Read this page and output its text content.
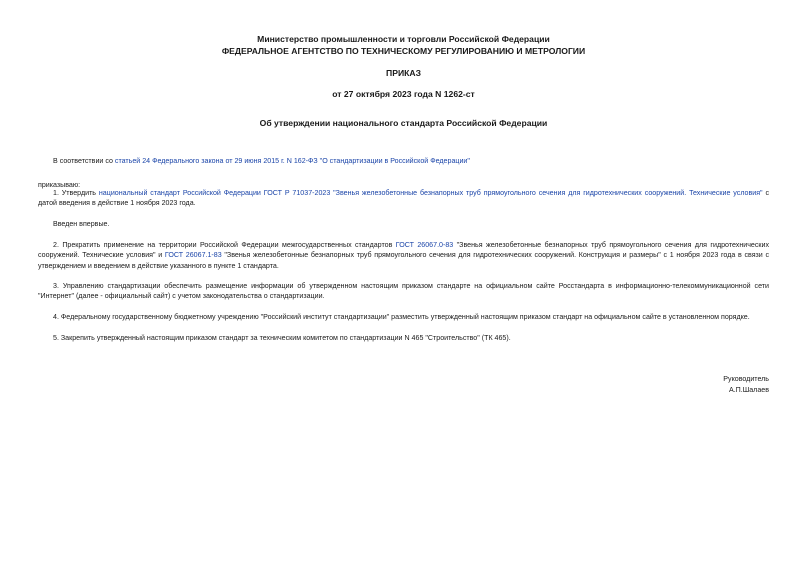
Министерство промышленности и торговли Российской Федерации
ФЕДЕРАЛЬНОЕ АГЕНТСТВО ПО ТЕХНИЧЕСКОМУ РЕГУЛИРОВАНИЮ И МЕТРОЛОГИИ
ПРИКАЗ
от 27 октября 2023 года N 1262-ст
Об утверждении национального стандарта Российской Федерации

В соответствии со статьей 24 Федерального закона от 29 июня 2015 г. N 162-ФЗ "О стандартизации в Российской Федерации"

приказываю:

1. Утвердить национальный стандарт Российской Федерации ГОСТ Р 71037-2023 "Звенья железобетонные безнапорных труб прямоугольного сечения для гидротехнических сооружений. Технические условия" с датой введения в действие 1 ноября 2023 года.

Введен впервые.

2. Прекратить применение на территории Российской Федерации межгосударственных стандартов ГОСТ 26067.0-83 "Звенья железобетонные безнапорных труб прямоугольного сечения для гидротехнических сооружений. Технические условия" и ГОСТ 26067.1-83 "Звенья железобетонные безнапорных труб прямоугольного сечения для гидротехнических сооружений. Конструкция и размеры" с 1 ноября 2023 года в связи с утверждением и введением в действие указанного в пункте 1 стандарта.

3. Управлению стандартизации обеспечить размещение информации об утвержденном настоящим приказом стандарте на официальном сайте Росстандарта в информационно-телекоммуникационной сети "Интернет" (далее - официальный сайт) с учетом законодательства о стандартизации.

4. Федеральному государственному бюджетному учреждению "Российский институт стандартизации" разместить утвержденный настоящим приказом стандарт на официальном сайте в установленном порядке.

5. Закрепить утвержденный настоящим приказом стандарт за техническим комитетом по стандартизации N 465 "Строительство" (ТК 465).

Руководитель
А.П.Шалаев
